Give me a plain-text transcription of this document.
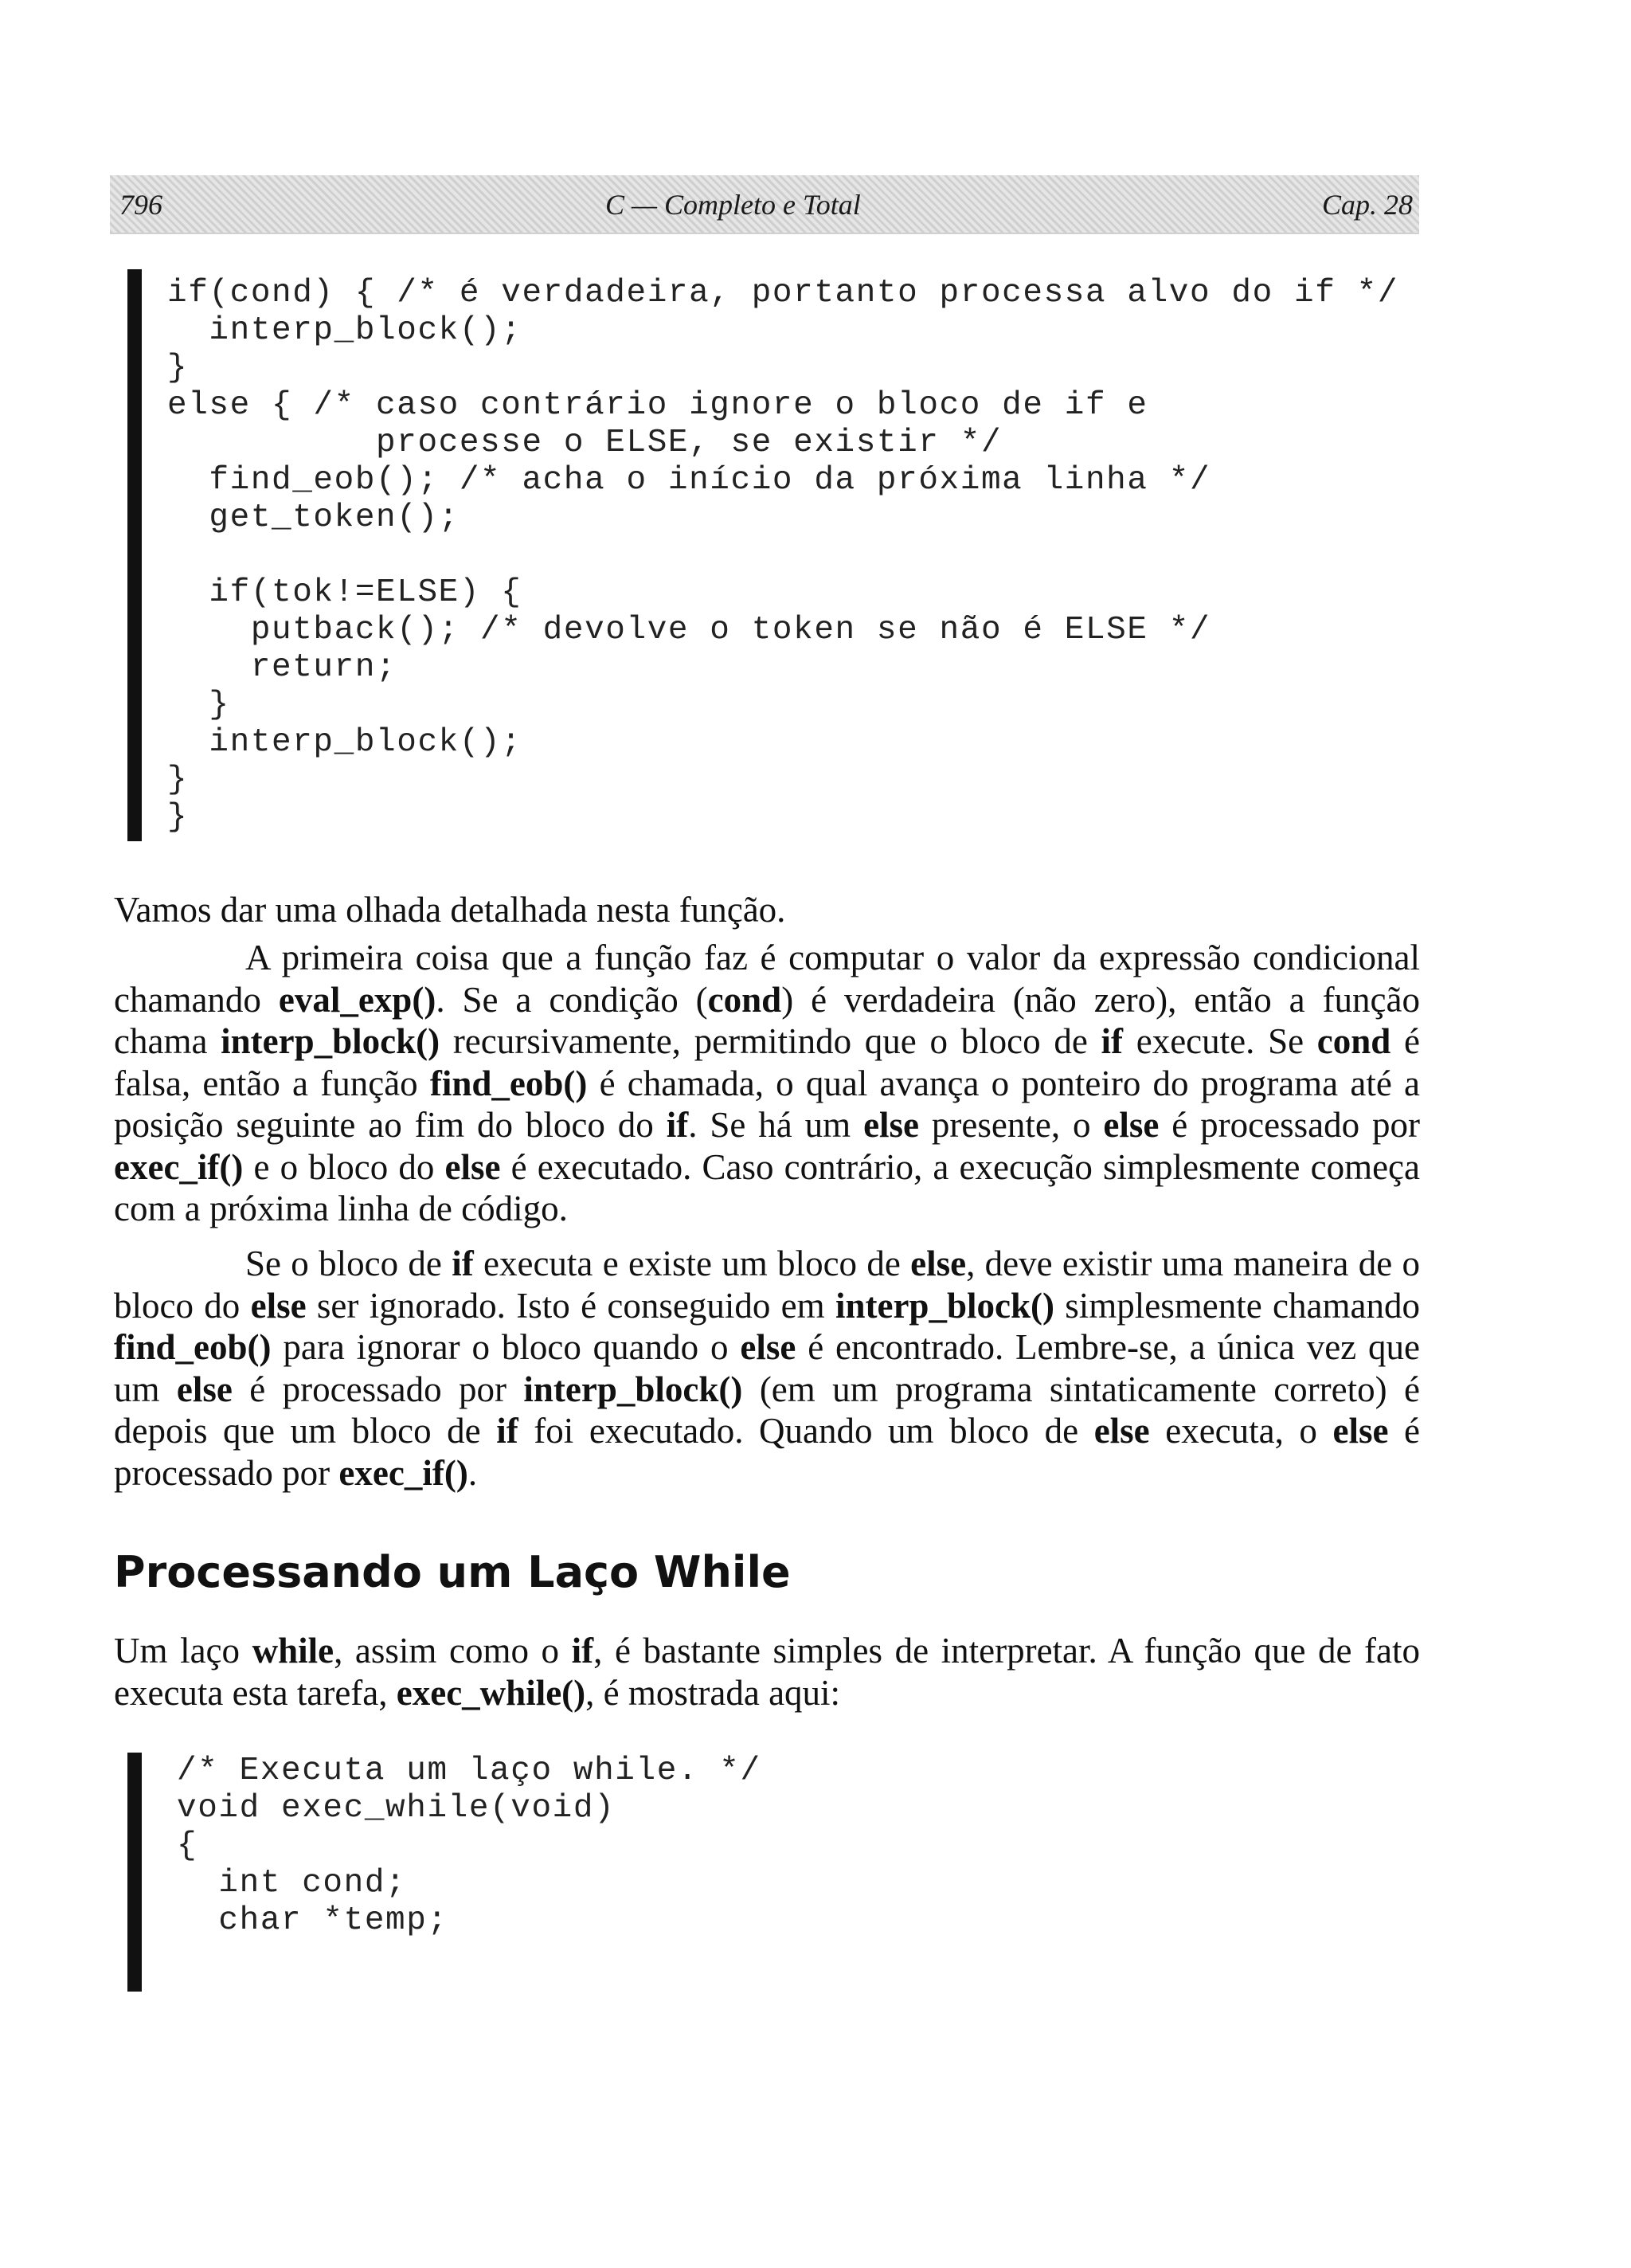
796	C — Completo e Total	Cap. 28
if(cond) { /* é verdadeira, portanto processa alvo do if */
interp_block();
}
else { /* caso contrário ignore o bloco de if e
processe o ELSE, se existir */
find_eob(); /* acha o início da próxima linha */
get_token();

if(tok!=ELSE) {
putback(); /* devolve o token se não é ELSE */
return;
}
interp_block();
}
}

Vamos dar uma olhada detalhada nesta função.

A primeira coisa que a função faz é computar o valor da expressão condicional chamando eval_exp(). Se a condição (cond) é verdadeira (não zero), então a função chama interp_block() recursivamente, permitindo que o bloco de if execute. Se cond é falsa, então a função find_eob() é chamada, o qual avança o ponteiro do programa até a posição seguinte ao fim do bloco do if. Se há um else presente, o else é processado por exec_if() e o bloco do else é executado. Caso contrário, a execução simplesmente começa com a próxima linha de código.

Se o bloco de if executa e existe um bloco de else, deve existir uma maneira de o bloco do else ser ignorado. Isto é conseguido em interp_block() simplesmente chamando find_eob() para ignorar o bloco quando o else é encontrado. Lembre-se, a única vez que um else é processado por interp_block() (em um programa sintaticamente correto) é depois que um bloco de if foi executado. Quando um bloco de else executa, o else é processado por exec_if().

Processando um Laço While

Um laço while, assim como o if, é bastante simples de interpretar. A função que de fato executa esta tarefa, exec_while(), é mostrada aqui:

/* Executa um laço while. */
void exec_while(void)
{
int cond;
char *temp;
